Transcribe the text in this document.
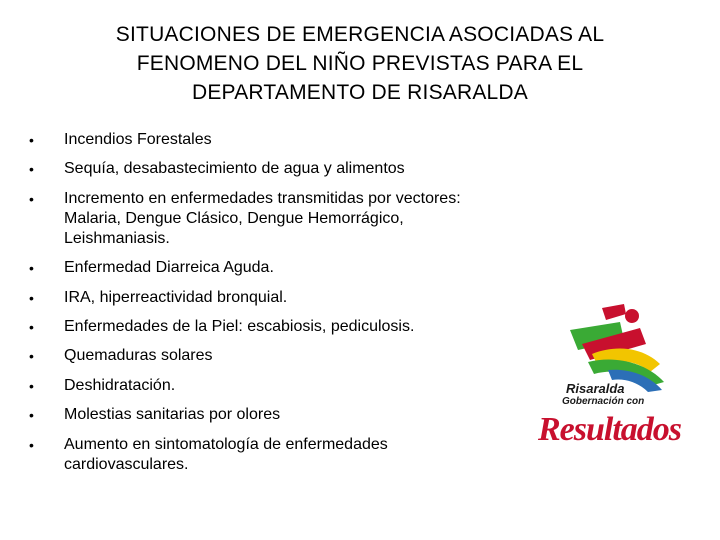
SITUACIONES DE EMERGENCIA ASOCIADAS AL
FENOMENO DEL NIÑO PREVISTAS PARA EL
DEPARTAMENTO DE RISARALDA
• Incendios Forestales
• Sequía, desabastecimiento de agua y alimentos
• Incremento en enfermedades transmitidas por vectores: Malaria, Dengue Clásico, Dengue Hemorrágico, Leishmaniasis.
• Enfermedad Diarreica Aguda.
• IRA, hiperreactividad bronquial.
• Enfermedades de la Piel: escabiosis, pediculosis.
• Quemaduras solares
• Deshidratación.
• Molestias sanitarias por olores
• Aumento en sintomatología de enfermedades cardiovasculares.
Risaralda
Gobernación con
Resultados
